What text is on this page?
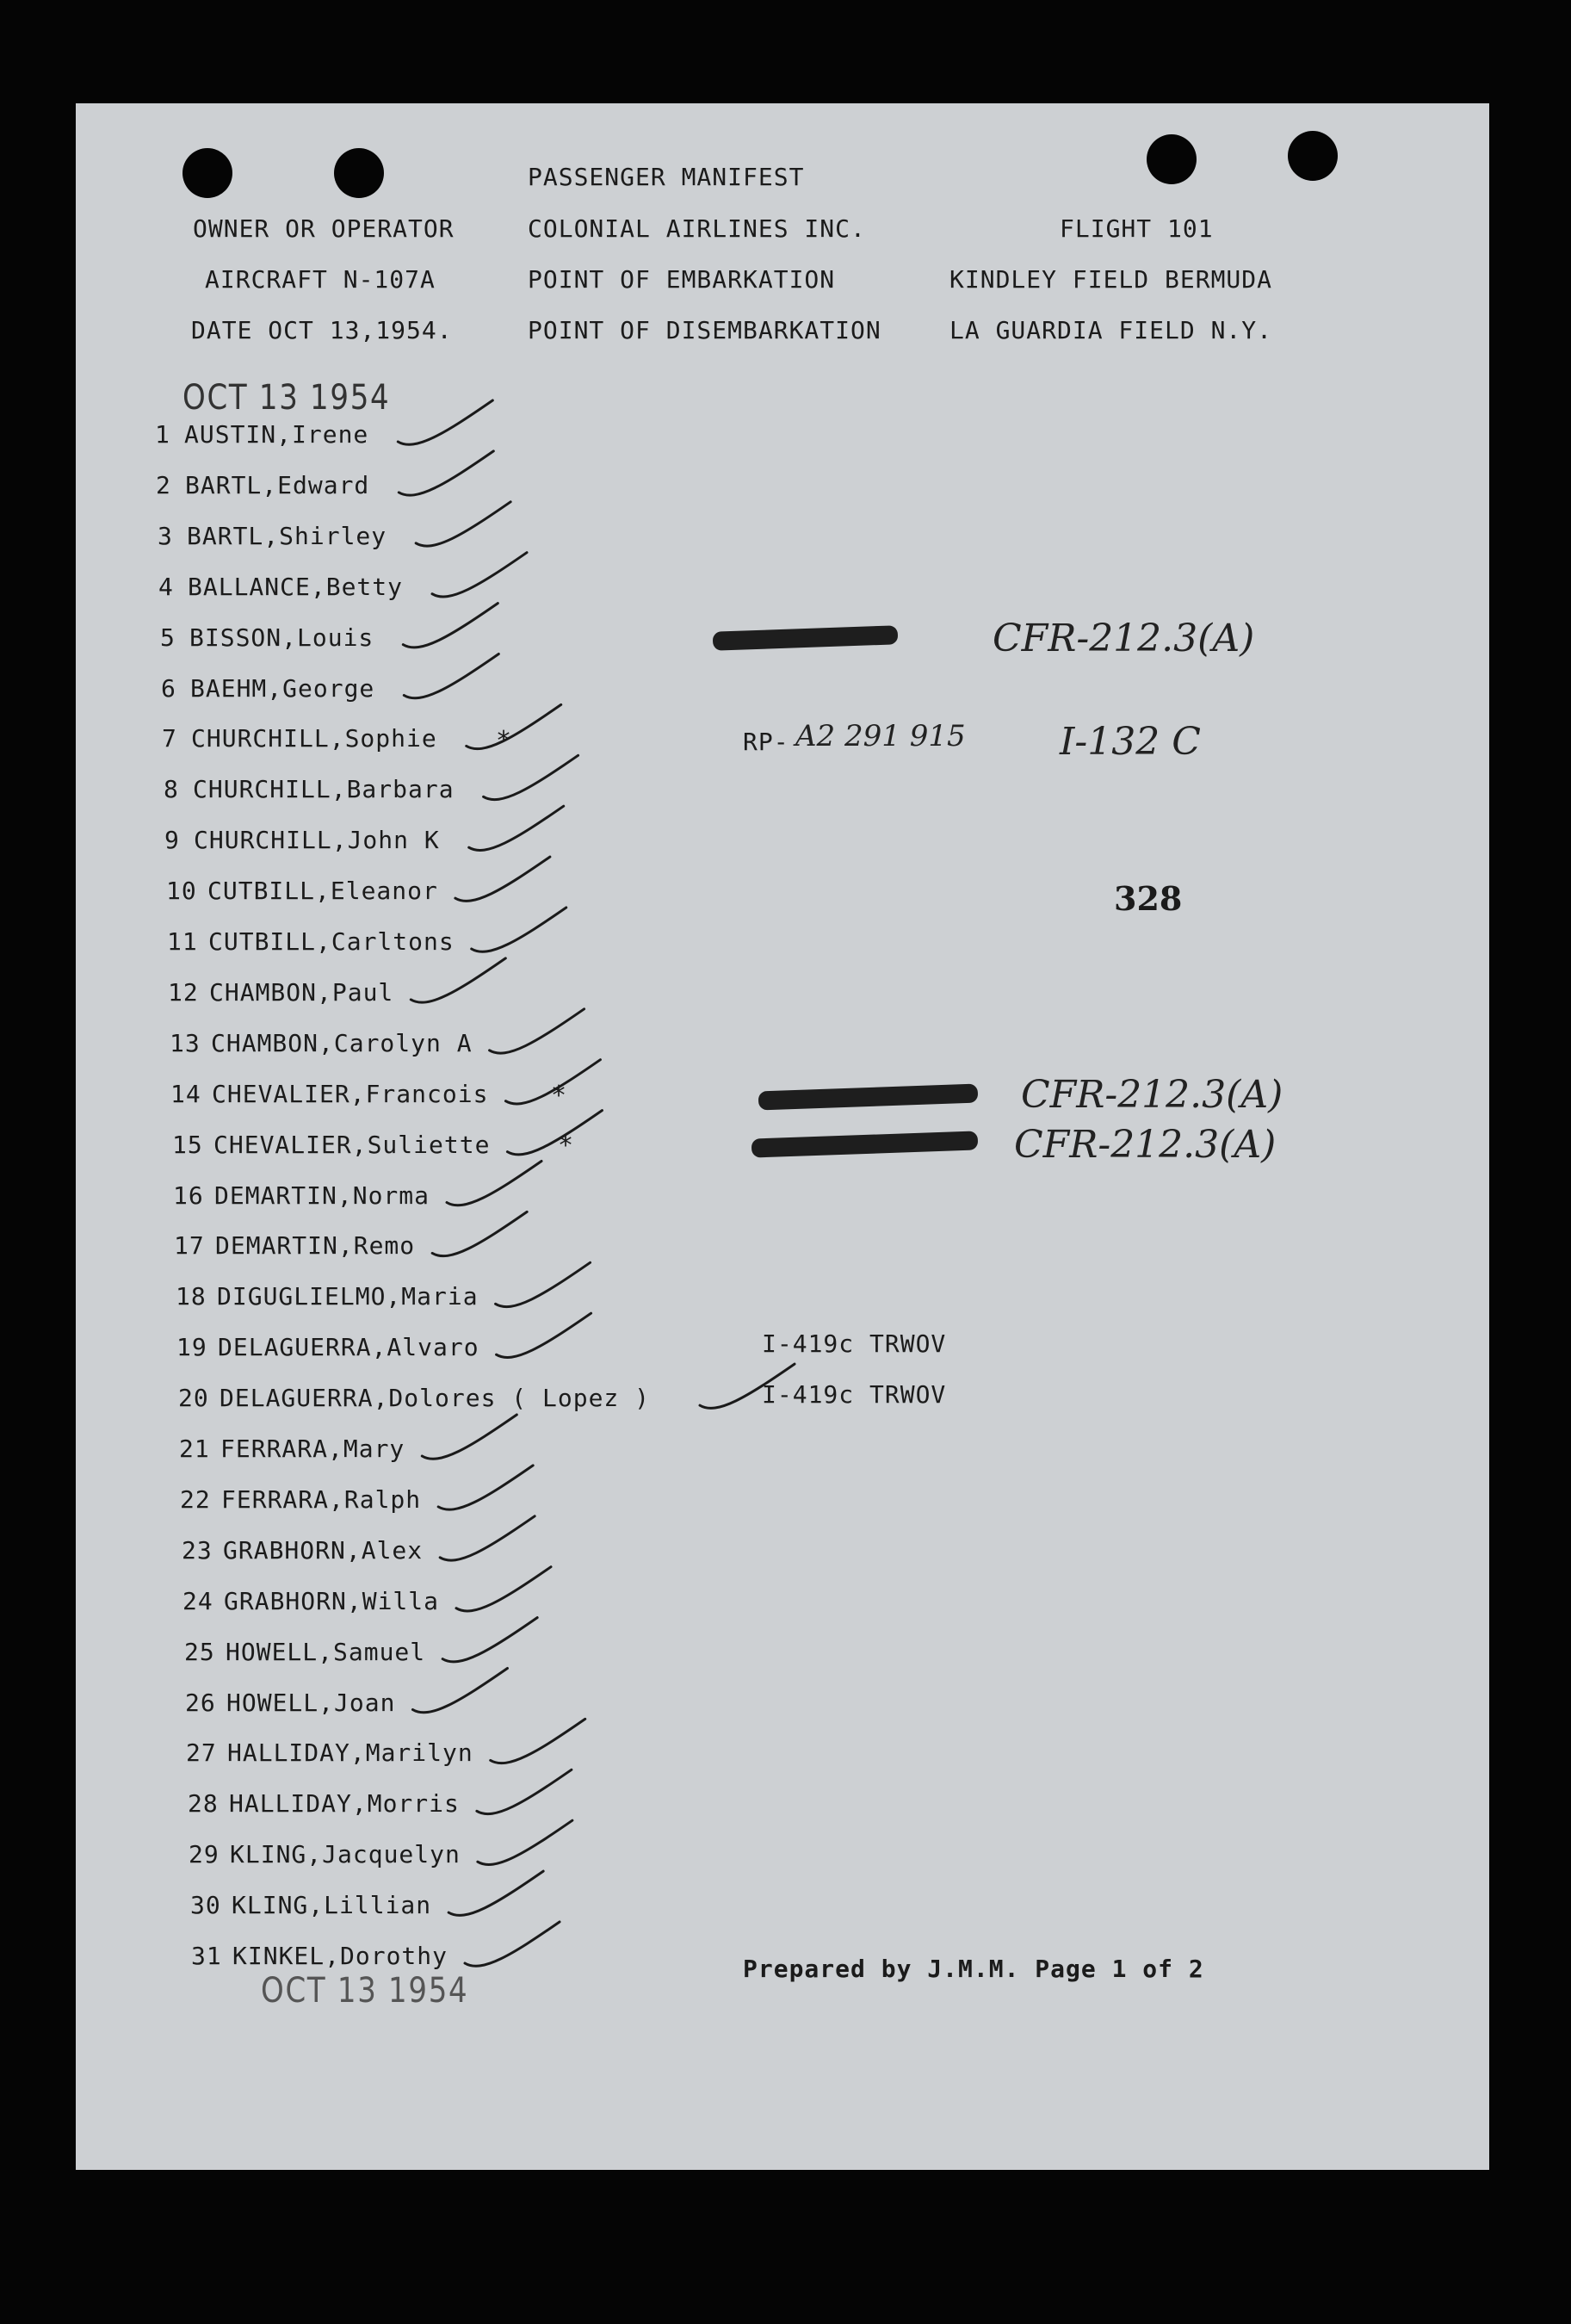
PASSENGER MANIFEST
OWNER OR OPERATOR	COLONIAL AIRLINES INC.	FLIGHT 101
AIRCRAFT N-107A	POINT OF EMBARKATION	KINDLEY FIELD BERMUDA
DATE OCT 13,1954.	POINT OF DISEMBARKATION	LA GUARDIA FIELD N.Y.
OCT 13 1954
1 AUSTIN,Irene
2 BARTL,Edward
3 BARTL,Shirley
4 BALLANCE,Betty
5 BISSON,Louis
6 BAEHM,George
7 CHURCHILL,Sophie
8 CHURCHILL,Barbara
9 CHURCHILL,John K
10 CUTBILL,Eleanor
11 CUTBILL,Carltons
12 CHAMBON,Paul
13 CHAMBON,Carolyn A
14 CHEVALIER,Francois
15 CHEVALIER,Suliette
16 DEMARTIN,Norma
17 DEMARTIN,Remo
18 DIGUGLIELMO,Maria
19 DELAGUERRA,Alvaro
20 DELAGUERRA,Dolores ( Lopez )
21 FERRARA,Mary
22 FERRARA,Ralph
23 GRABHORN,Alex
24 GRABHORN,Willa
25 HOWELL,Samuel
26 HOWELL,Joan
27 HALLIDAY,Marilyn
28 HALLIDAY,Morris
29 KLING,Jacquelyn
30 KLING,Lillian
31 KINKEL,Dorothy
CFR-212.3(A)
RP- A2 291 915 I-132 C
328
CFR-212.3(A)
CFR-212.3(A)
I-419c TRWOV
I-419c TRWOV
*
*
*
Prepared by J.M.M. Page 1 of 2
OCT 13 1954
